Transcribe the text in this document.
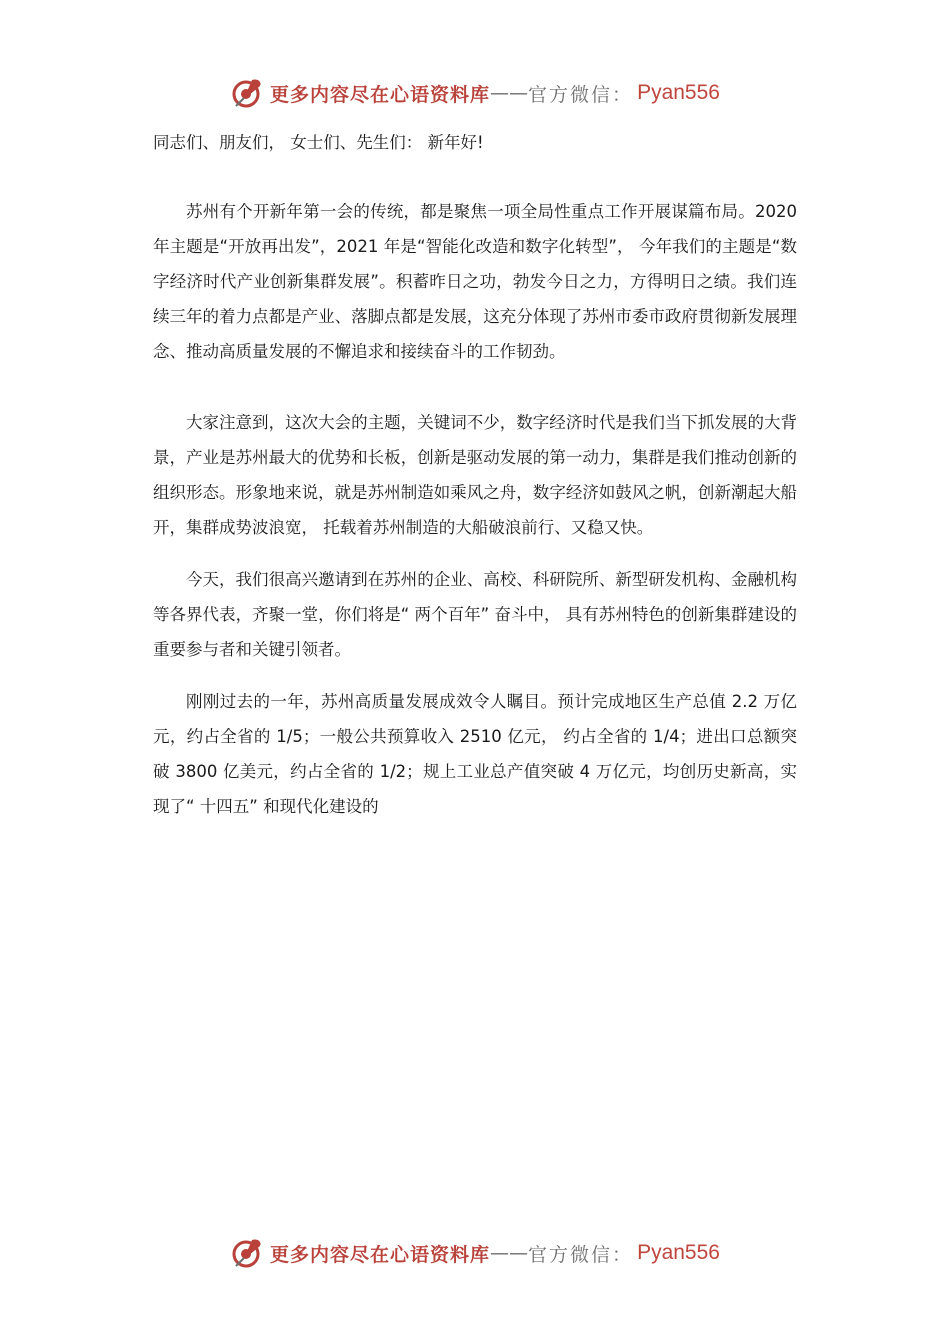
更多内容尽在心语资料库 —— 官方微信： Pyan556

同志们、朋友们， 女士们、先生们： 新年好!

苏州有个开新年第一会的传统，都是聚焦一项全局性重点工作开展谋篇布局。2020 年主题是“开放再出发”，2021 年是“智能化改造和数字化转型”， 今年我们的主题是“数字经济时代产业创新集群发展”。积蓄昨日之功，勃发今日之力，方得明日之绩。我们连续三年的着力点都是产业、落脚点都是发展，这充分体现了苏州市委市政府贯彻新发展理念、推动高质量发展的不懈追求和接续奋斗的工作韧劲。

大家注意到，这次大会的主题，关键词不少，数字经济时代是我们当下抓发展的大背景，产业是苏州最大的优势和长板，创新是驱动发展的第一动力，集群是我们推动创新的组织形态。形象地来说，就是苏州制造如乘风之舟，数字经济如鼓风之帆，创新潮起大船开，集群成势波浪宽， 托载着苏州制造的大船破浪前行、又稳又快。

今天，我们很高兴邀请到在苏州的企业、高校、科研院所、新型研发机构、金融机构等各界代表，齐聚一堂，你们将是“ 两个百年” 奋斗中， 具有苏州特色的创新集群建设的重要参与者和关键引领者。

刚刚过去的一年，苏州高质量发展成效令人瞩目。预计完成地区生产总值 2.2 万亿元，约占全省的 1/5；一般公共预算收入 2510 亿元， 约占全省的 1/4；进出口总额突破 3800 亿美元，约占全省的 1/2；规上工业总产值突破 4 万亿元，均创历史新高，实现了“ 十四五” 和现代化建设的

更多内容尽在心语资料库 —— 官方微信： Pyan556
